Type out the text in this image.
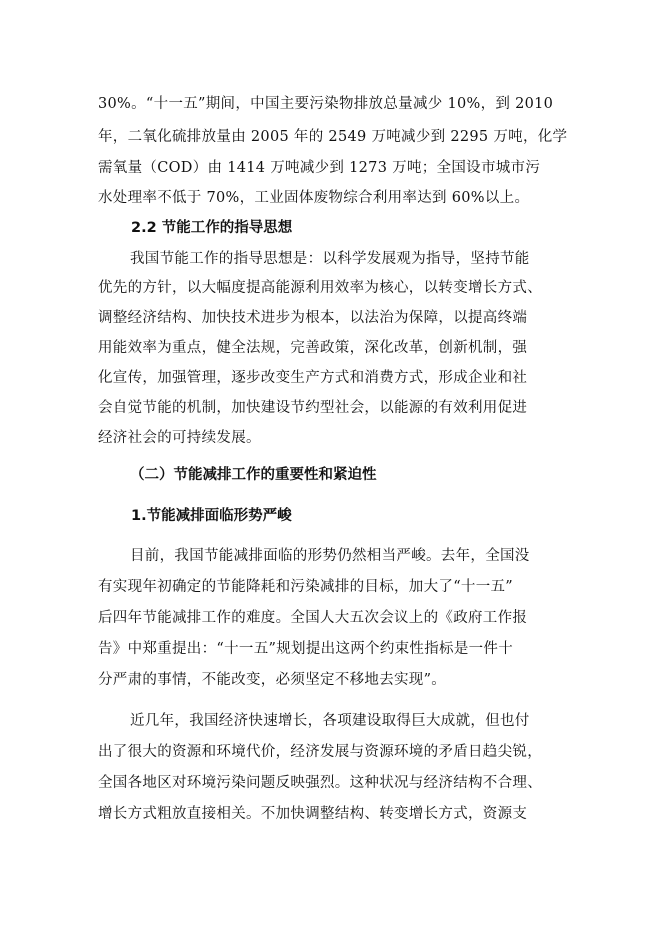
30%。“十一五”期间，中国主要污染物排放总量减少 10%，到 2010
年，二氧化硫排放量由 2005 年的 2549 万吨减少到 2295 万吨，化学
需氧量（COD）由 1414 万吨减少到 1273 万吨；全国设市城市污
水处理率不低于 70%，工业固体废物综合利用率达到 60%以上。
2.2 节能工作的指导思想
我国节能工作的指导思想是：以科学发展观为指导，坚持节能
优先的方针，以大幅度提高能源利用效率为核心，以转变增长方式、
调整经济结构、加快技术进步为根本，以法治为保障，以提高终端
用能效率为重点，健全法规，完善政策，深化改革，创新机制，强
化宣传，加强管理，逐步改变生产方式和消费方式，形成企业和社
会自觉节能的机制，加快建设节约型社会，以能源的有效利用促进
经济社会的可持续发展。
（二）节能减排工作的重要性和紧迫性
1.节能减排面临形势严峻
目前，我国节能减排面临的形势仍然相当严峻。去年，全国没
有实现年初确定的节能降耗和污染减排的目标，加大了“十一五”
后四年节能减排工作的难度。全国人大五次会议上的《政府工作报
告》中郑重提出：“十一五”规划提出这两个约束性指标是一件十
分严肃的事情，不能改变，必须坚定不移地去实现”。
近几年，我国经济快速增长，各项建设取得巨大成就，但也付
出了很大的资源和环境代价，经济发展与资源环境的矛盾日趋尖锐，
全国各地区对环境污染问题反映强烈。这种状况与经济结构不合理、
增长方式粗放直接相关。不加快调整结构、转变增长方式，资源支
